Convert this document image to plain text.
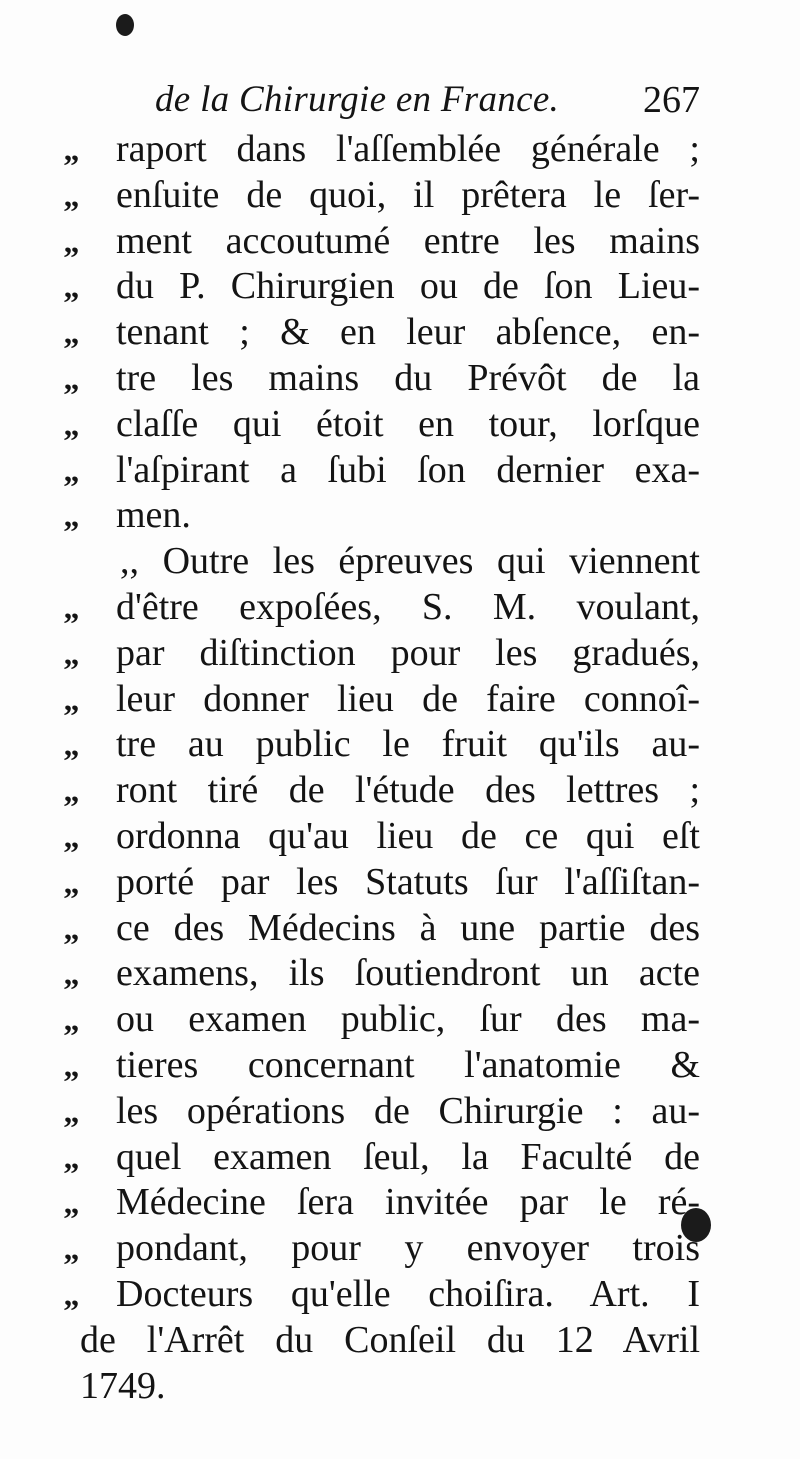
de la Chirurgie en France. 267
,,	raport dans l'aſſemblée générale ;
,,	enſuite de quoi, il prêtera le ſer-
,,	ment accoutumé entre les mains
,,	du P. Chirurgien ou de ſon Lieu-
,,	tenant ; & en leur abſence, en-
,,	tre les mains du Prévôt de la
,,	claſſe qui étoit en tour, lorſque
,,	l'aſpirant a ſubi ſon dernier exa-
,,	men.
,, Outre les épreuves qui viennent
,,	d'être expoſées, S. M. voulant,
,,	par diſtinction pour les gradués,
,,	leur donner lieu de faire connoî-
,,	tre au public le fruit qu'ils au-
,,	ront tiré de l'étude des lettres ;
,,	ordonna qu'au lieu de ce qui eſt
,,	porté par les Statuts ſur l'aſſiſtan-
,,	ce des Médecins à une partie des
,,	examens, ils ſoutiendront un acte
,,	ou examen public, ſur des ma-
,,	tieres concernant l'anatomie &
,,	les opérations de Chirurgie : au-
,,	quel examen ſeul, la Faculté de
,,	Médecine ſera invitée par le ré-
,,	pondant, pour y envoyer trois
,,	Docteurs qu'elle choiſira. Art. I
de l'Arrêt du Conſeil du 12 Avril
1749.
